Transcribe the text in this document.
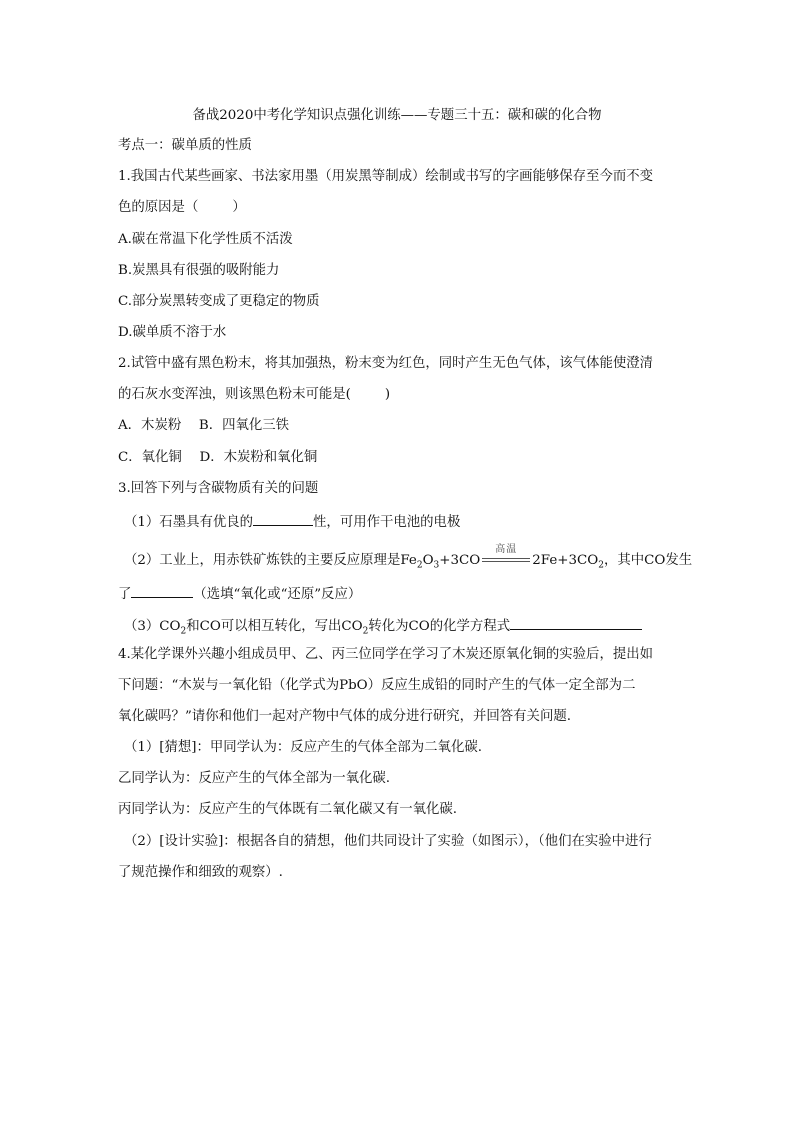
备战2020中考化学知识点强化训练——专题三十五：碳和碳的化合物
考点一：碳单质的性质
1.我国古代某些画家、书法家用墨（用炭黑等制成）绘制或书写的字画能够保存至今而不变
色的原因是（	）
A.碳在常温下化学性质不活泼
B.炭黑具有很强的吸附能力
C.部分炭黑转变成了更稳定的物质
D.碳单质不溶于水
2.试管中盛有黑色粉末，将其加强热，粉末变为红色，同时产生无色气体，该气体能使澄清
的石灰水变浑浊，则该黑色粉末可能是(	)
A．木炭粉　 B．四氧化三铁
C．氧化铜　 D．木炭粉和氧化铜
3.回答下列与含碳物质有关的问题
（1）石墨具有优良的	性，可用作干电池的电极
（2）工业上，用赤铁矿炼铁的主要反应原理是$Fe_2O_3+3CO$
高温
$2Fe+3CO_2$，其中CO发生
了	（选填“氧化或“还原”反应）
$(3)CO_2$和CO可以相互转化，写出$CO_2$转化为CO的化学方程式
4.某化学课外兴趣小组成员甲、乙、丙三位同学在学习了木炭还原氧化铜的实验后，提出如
下问题：“木炭与一氧化铅（化学式为PbO）反应生成铅的同时产生的气体一定全部为二
氧化碳吗？”请你和他们一起对产物中气体的成分进行研究，并回答有关问题.
（1）[猜想]：甲同学认为：反应产生的气体全部为二氧化碳.
乙同学认为：反应产生的气体全部为一氧化碳.
丙同学认为：反应产生的气体既有二氧化碳又有一氧化碳.
（2）[设计实验]：根据各自的猜想，他们共同设计了实验（如图示），（他们在实验中进行
了规范操作和细致的观察）.
